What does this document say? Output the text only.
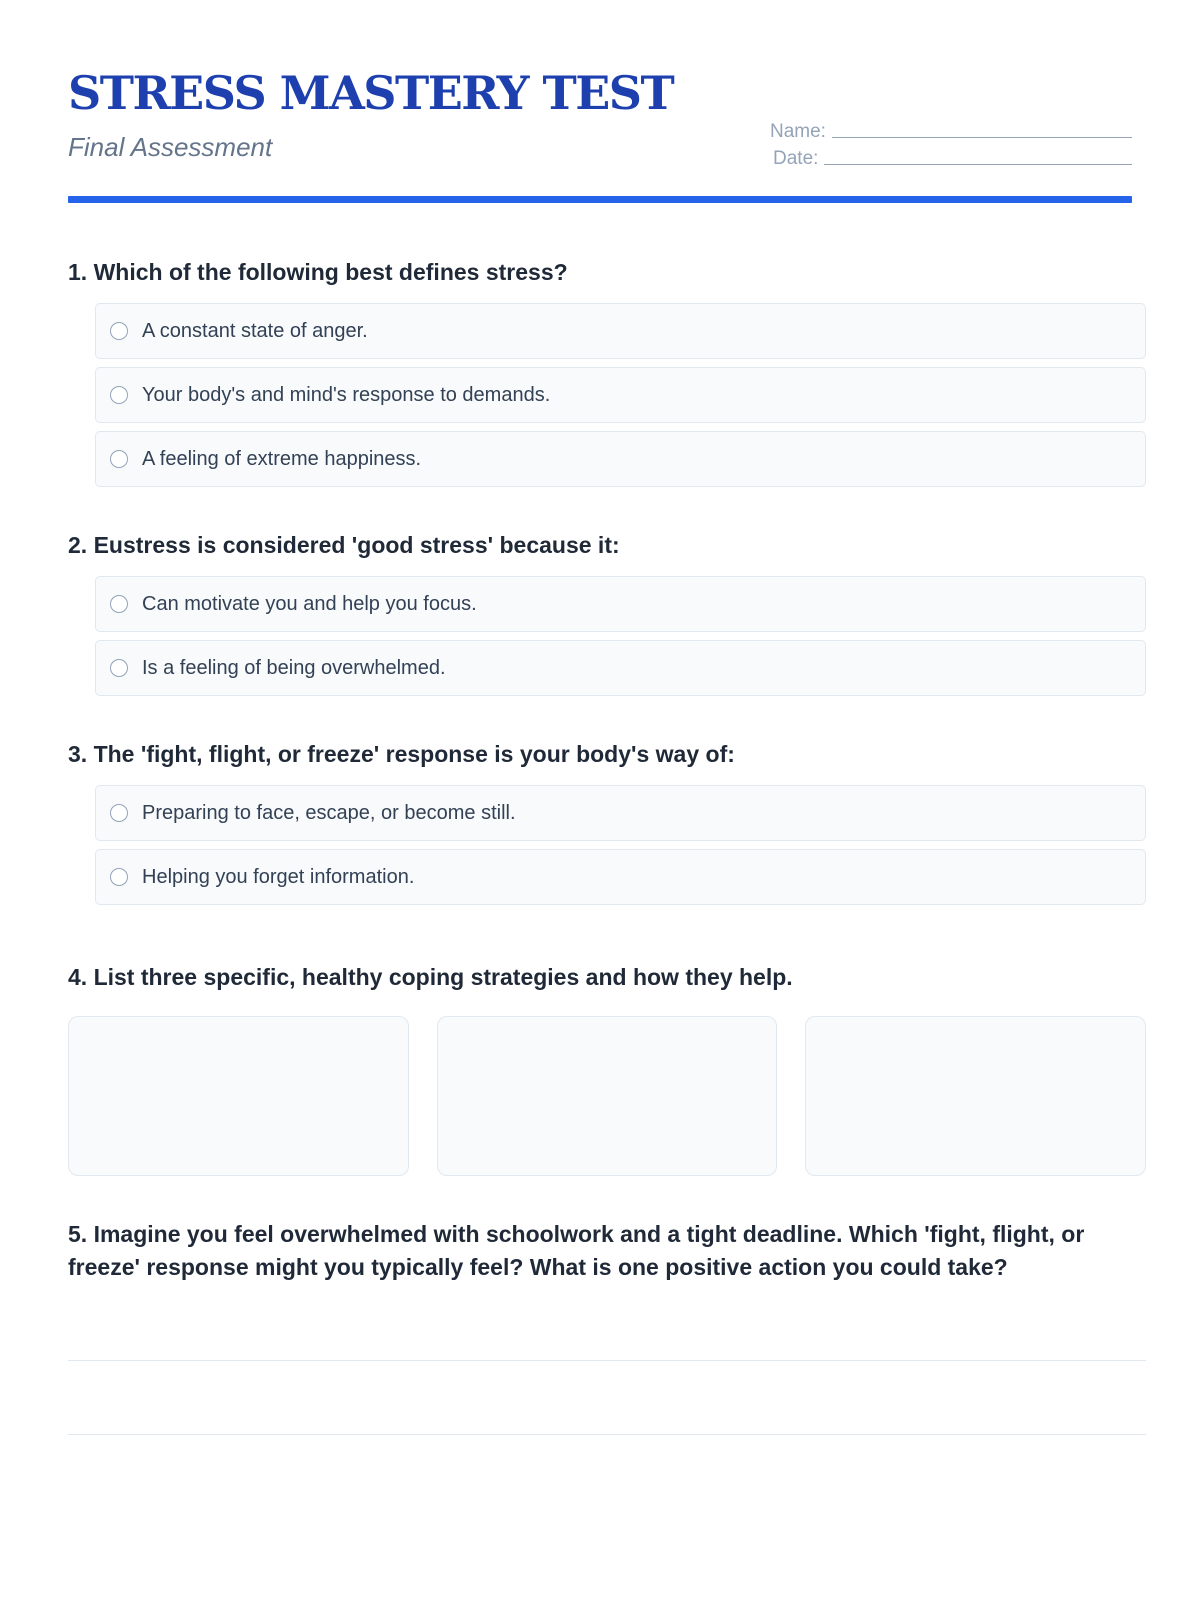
STRESS MASTERY TEST

Final Assessment

Name:
Date:

1. Which of the following best defines stress?

A constant state of anger.
Your body's and mind's response to demands.
A feeling of extreme happiness.

2. Eustress is considered 'good stress' because it:

Can motivate you and help you focus.
Is a feeling of being overwhelmed.

3. The 'fight, flight, or freeze' response is your body's way of:

Preparing to face, escape, or become still.
Helping you forget information.

4. List three specific, healthy coping strategies and how they help.

5. Imagine you feel overwhelmed with schoolwork and a tight deadline. Which 'fight, flight, or freeze' response might you typically feel? What is one positive action you could take?
